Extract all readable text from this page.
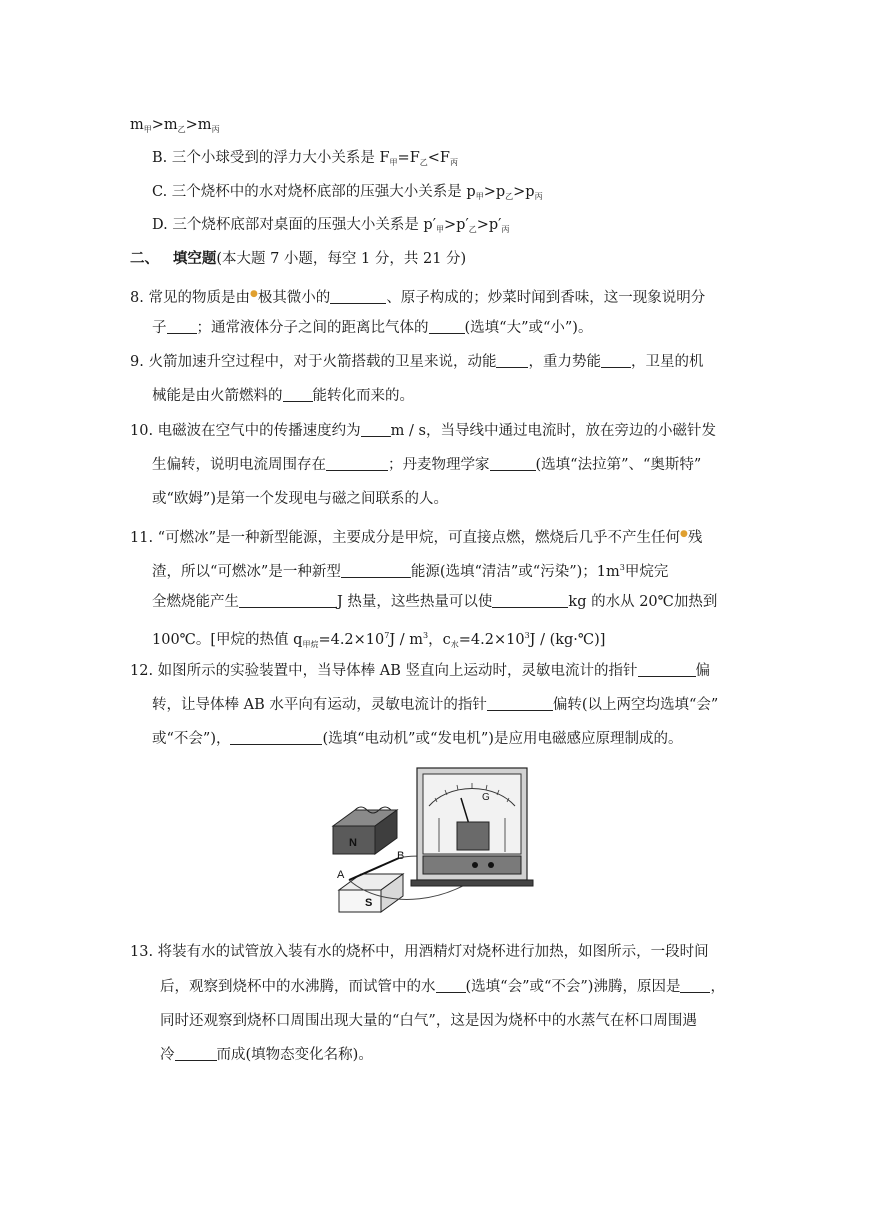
$m_甲>m_乙>m_丙$
B. 三个小球受到的浮力大小关系是 $F_甲=F_乙<F_丙$
C. 三个烧杯中的水对烧杯底部的压强大小关系是 $p_甲>p_乙>p_丙$
D. 三个烧杯底部对桌面的压强大小关系是 $p'_甲>p'_乙>p'_丙$
二、 填空题(本大题 7 小题，每空 1 分，共 21 分)
8. 常见的物质是由●极其微小的	、原子构成的；炒菜时闻到香味，这一现象说明分
子 ；通常液体分子之间的距离比气体的 (选填“大”或“小”)。
9. 火箭加速升空过程中，对于火箭搭载的卫星来说，动能 ，重力势能 ，卫星的机
械能是由火箭燃料的 能转化而来的。
10. 电磁波在空气中的传播速度约为 m / s，当导线中通过电流时，放在旁边的小磁针发
生偏转，说明电流周围存在	；丹麦物理学家	(选填“法拉第”、“奥斯特”
或“欧姆”)是第一个发现电与磁之间联系的人。
11. “可燃冰”是一种新型能源，主要成分是甲烷，可直接点燃，燃烧后几乎不产生任何●残
渣，所以“可燃冰”是一种新型	能源(选填“清洁”或“污染”)；$1m^3$甲烷完
全燃烧能产生	J 热量，这些热量可以使	kg 的水从 20℃加热到
100℃。[甲烷的热值 $q_{甲烷}=4.2\times 10^7J / m^3$，$c_水=4.2\times 10^3J$ / (kg·℃)]
12. 如图所示的实验装置中，当导体棒 AB 竖直向上运动时，灵敏电流计的指针	偏
转，让导体棒 AB 水平向有运动，灵敏电流计的指针	偏转(以上两空均选填“会”
或“不会”)，	(选填“电动机”或“发电机”)是应用电磁感应原理制成的。
N
S
A
B
G
13. 将装有水的试管放入装有水的烧杯中，用酒精灯对烧杯进行加热，如图所示，一段时间
后，观察到烧杯中的水沸腾，而试管中的水 (选填“会”或“不会”)沸腾，原因是 ，
同时还观察到烧杯口周围出现大量的“白气”，这是因为烧杯中的水蒸气在杯口周围遇
冷	而成(填物态变化名称)。
